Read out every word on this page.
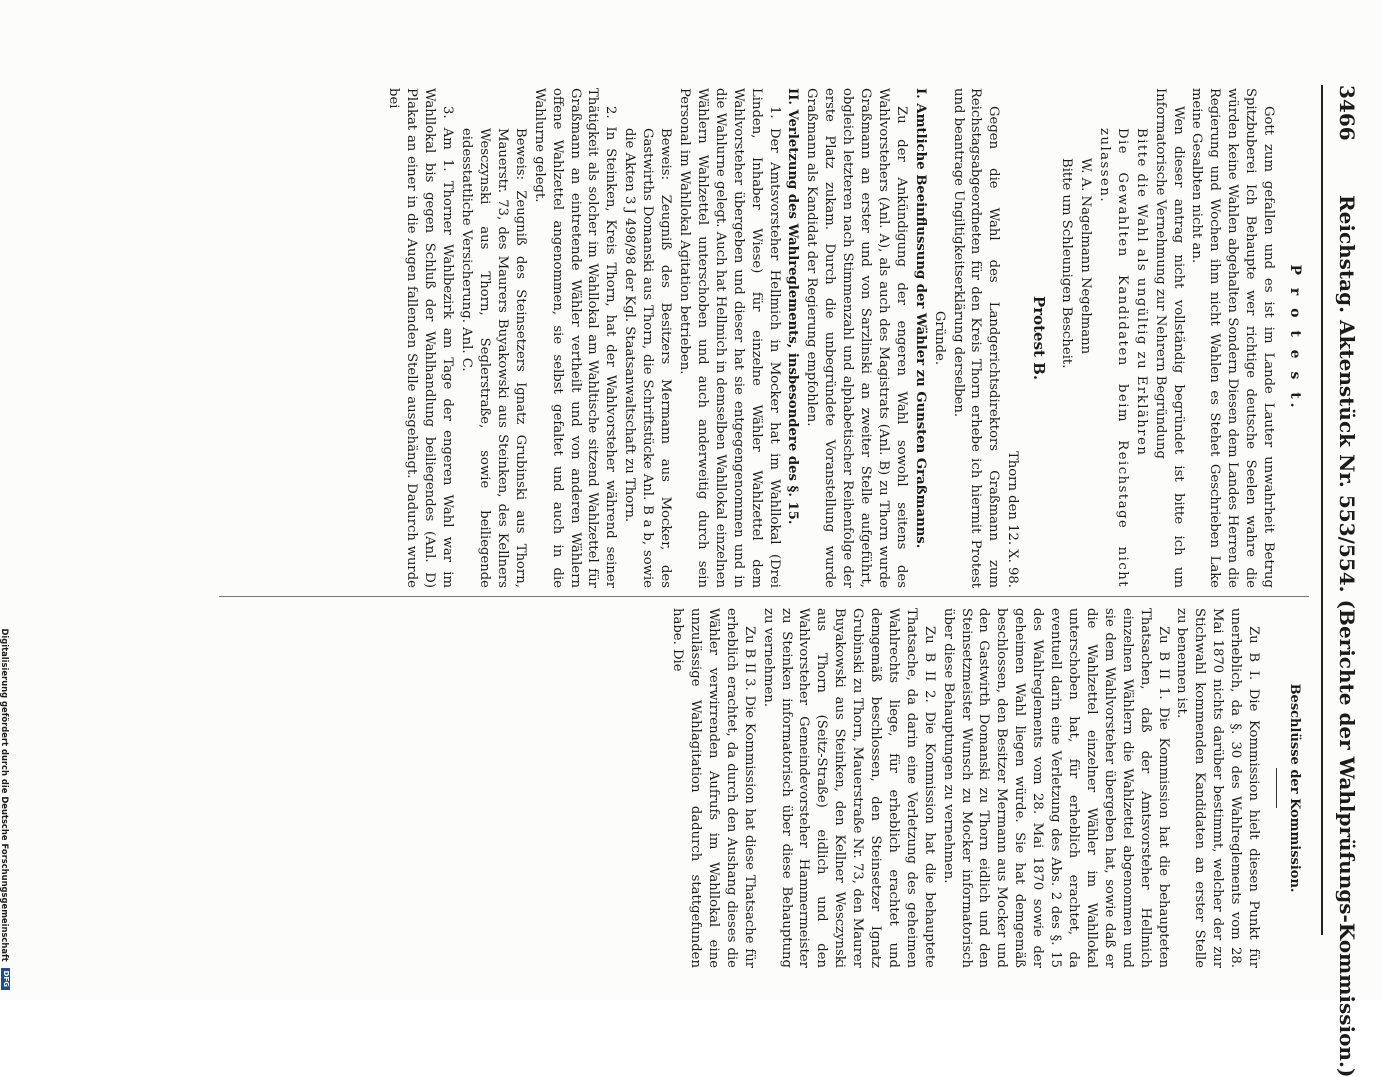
3466
Reichstag. Aktenstück Nr. 553/554. (Berichte der Wahlprüfungs-Kommission.)
P r o t e s t.

Gott zum gefallen und es ist im Lande Lauter unwahrheit Betrug Spitzbuberei Ich Behaupte wer richtige deutsche Seelen wahre die würden keine Wahlen abgehalten Sondern Diesen dem Landes Herren die Regierung und Wochen ihm nicht Wahlen es Stehet Geschrieben Lake meine Gesalbten nicht an.

Wen dieser antrag nicht vollständig begründet ist bitte ich um Informatorische Vernehmung zur Nehrern Begründung

Bitte die Wahl als ungültig zu Erklähren

Die Gewahlten Kandidaten beim Reichstage nicht zulassen.

W. A. Nagelmann Negelmann

Bitte um Schleunigen Bescheit.

Protest B.

Thorn den 12. X. 98.

Gegen die Wahl des Landgerichtsdirektors Graßmann zum Reichstagsabgeordneten für den Kreis Thorn erhebe ich hiermit Protest und beantrage Ungiltigkeitserklärung derselben.

Gründe.

I. Amtliche Beeinflussung der Wähler zu Gunsten Graßmanns.

Zu der Ankündigung der engeren Wahl sowohl seitens des Wahlvorstehers (Anl. A), als auch des Magistrats (Anl. B) zu Thorn wurde Graßmann an erster und von Sarzlinski an zweiter Stelle aufgeführt, obgleich letzteren nach Stimmenzahl und alphabetischer Reihenfolge der erste Platz zukam. Durch die unbegründete Voranstellung wurde Graßmann als Kandidat der Regierung empfohlen.

II. Verletzung des Wahlreglements, insbesondere des §. 15.

1. Der Amtsvorsteher Hellmich in Mocker hat im Wahllokal (Drei Linden, Inhaber Wiese) für einzelne Wähler Wahlzettel dem Wahlvorsteher übergeben und dieser hat sie entgegengenommen und in die Wahlurne gelegt. Auch hat Hellmich in demselben Wahllokal einzelnen Wählern Wahlzettel unterschoben und auch anderweitig durch sein Personal im Wahllokal Agitation betrieben.

Beweis: Zeugniß des Besitzers Mermann aus Mocker, des Gastwirths Domanski aus Thorn, die Schriftstücke Anl. B a b, sowie die Akten 3 J 498/98 der Kgl. Staatsanwaltschaft zu Thorn.

2. In Steinken, Kreis Thorn, hat der Wahlvorsteher während seiner Thätigkeit als solcher im Wahllokal am Wahltische sitzend Wahlzettel für Graßmann an eintretende Wähler vertheilt und von anderen Wählern offene Wahlzettel angenommen, sie selbst gefaltet und auch in die Wahlurne gelegt.

Beweis: Zeugniß des Steinsetzers Ignatz Grubinski aus Thorn, Mauerstr. 73, des Maurers Buyakowski aus Steinken, des Kellners Wesczynski aus Thorn, Seglerstraße, sowie beiliegende eidesstattliche Versicherung. Anl. C.

3. Am 1. Thorner Wahlbezirk am Tage der engeren Wahl war im Wahllokal bis gegen Schluß der Wahlhandlung beiliegendes (Anl. D) Plakat an einer in die Augen fallenden Stelle ausgehängt. Dadurch wurde bei

Beschlüsse der Kommission.

Zu B I. Die Kommission hielt diesen Punkt für unerheblich, da §. 30 des Wahlreglements vom 28. Mai 1870 nichts darüber bestimmt, welcher der zur Stichwahl kommenden Kandidaten an erster Stelle zu benennen ist.

Zu B II 1. Die Kommission hat die behaupteten Thatsachen, daß der Amtsvorsteher Hellmich einzelnen Wählern die Wahlzettel abgenommen und sie dem Wahlvorsteher übergeben hat, sowie daß er die Wahlzettel einzelner Wähler im Wahllokal unterschoben hat, für erheblich erachtet, da eventuell darin eine Verletzung des Abs. 2 des §. 15 des Wahlreglements vom 28. Mai 1870 sowie der geheimen Wahl liegen würde. Sie hat demgemäß beschlossen, den Besitzer Mermann aus Mocker und den Gastwirth Domanski zu Thorn eidlich und den Steinsetzmeister Wunsch zu Mocker informatorisch über diese Behauptungen zu vernehmen.

Zu B II 2. Die Kommission hat die behauptete Thatsache, da darin eine Verletzung des geheimen Wahlrechts liege, für erheblich erachtet und demgemäß beschlossen, den Steinsetzer Ignatz Grubinski zu Thorn, Mauerstraße Nr. 73, den Maurer Buyakowski aus Steinken, den Kellner Wesczynski aus Thorn (Seitz-Straße) eidlich und den Wahlvorsteher Gemeindevorsteher Hammermeister zu Steinken informatorisch über diese Behauptung zu vernehmen.

Zu B II 3. Die Kommission hat diese Thatsache für erheblich erachtet, da durch den Aushang dieses die Wähler verwirrenden Aufrufs im Wahllokal eine unzulässige Wahlagitation dadurch stattgefunden habe. Die

Digitalisierung gefördert durch die Deutsche ForschungsgemeinschaftDFG
